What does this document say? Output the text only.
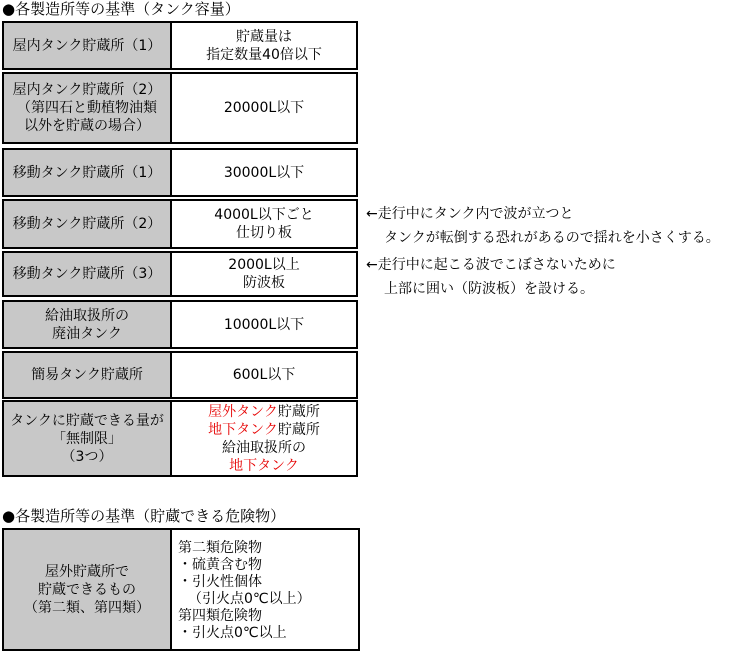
●各製造所等の基準（タンク容量）
屋内タンク貯蔵所（1）
貯蔵量は
指定数量40倍以下
屋内タンク貯蔵所（2）
（第四石と動植物油類
以外を貯蔵の場合）
20000L以下
移動タンク貯蔵所（1）	30000L以下
移動タンク貯蔵所（2）
4000L以下ごと
仕切り板
移動タンク貯蔵所（3）
2000L以上
防波板
給油取扱所の
廃油タンク
10000L以下
簡易タンク貯蔵所	600L以下
タンクに貯蔵できる量が
「無制限」
（3つ）
屋外タンク貯蔵所
地下タンク貯蔵所
給油取扱所の
地下タンク
←走行中にタンク内で波が立つと
タンクが転倒する恐れがあるので揺れを小さくする。
←走行中に起こる波でこぼさないために
上部に囲い（防波板）を設ける。
●各製造所等の基準（貯蔵できる危険物）
屋外貯蔵所で
貯蔵できるもの
（第二類、第四類）
第二類危険物
・硫黄含む物
・引火性個体
（引火点0℃以上）
第四類危険物
・引火点0℃以上
